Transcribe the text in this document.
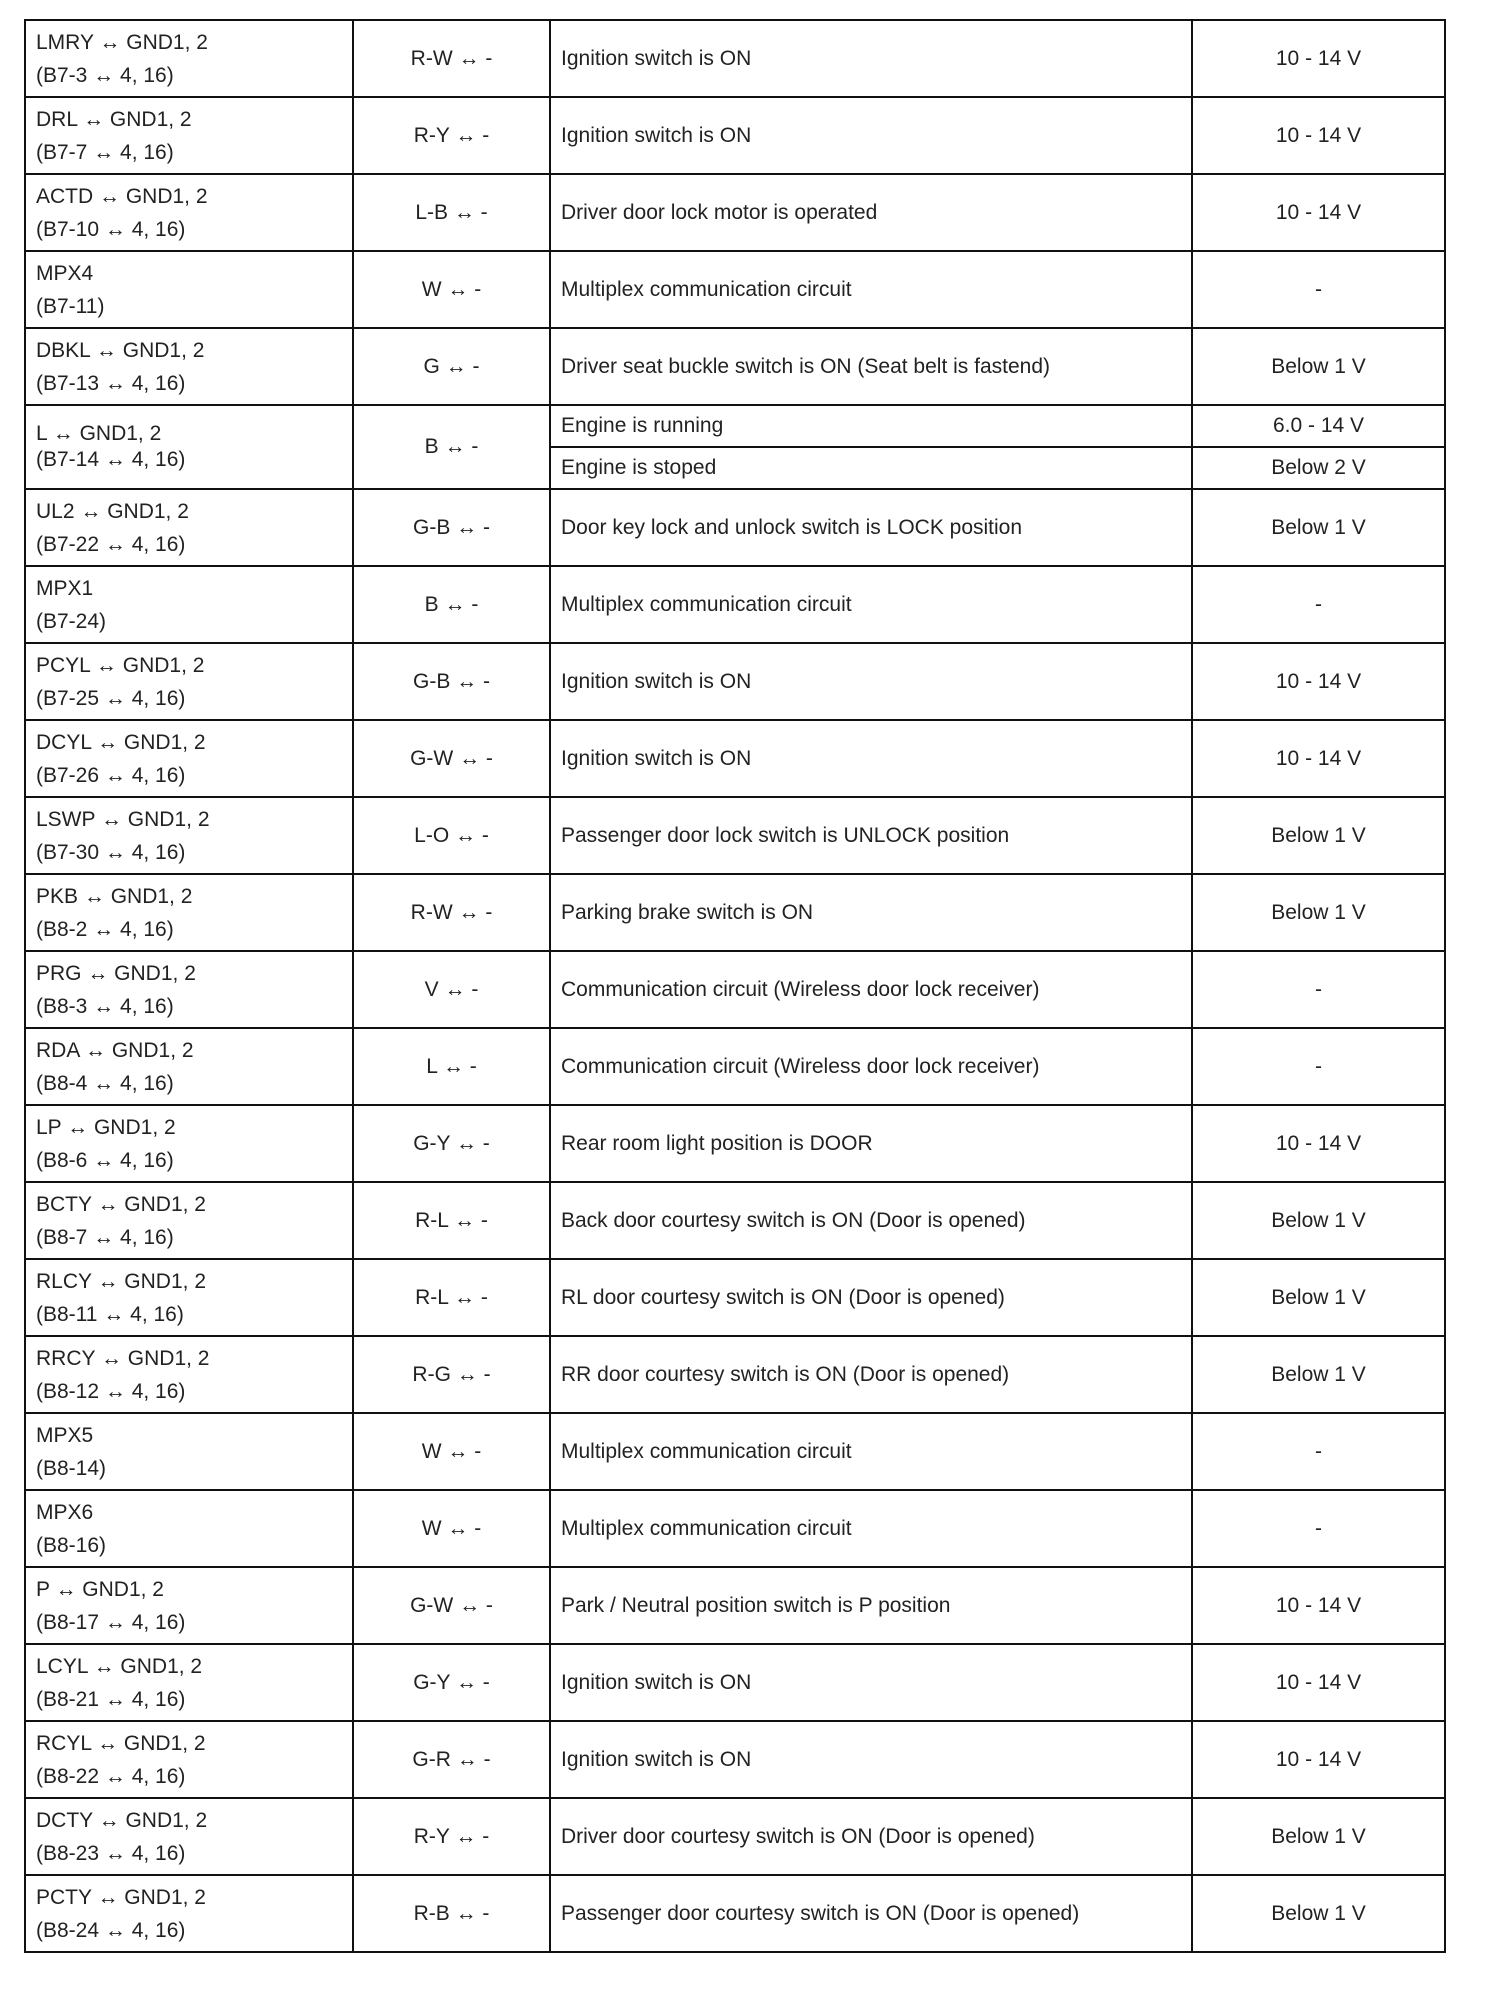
LMRY ↔ GND1, 2
(B7-3 ↔ 4, 16)	R-W ↔ -	Ignition switch is ON	10 - 14 V

DRL ↔ GND1, 2
(B7-7 ↔ 4, 16)	R-Y ↔ -	Ignition switch is ON	10 - 14 V

ACTD ↔ GND1, 2
(B7-10 ↔ 4, 16)	L-B ↔ -	Driver door lock motor is operated	10 - 14 V

MPX4
(B7-11)	W ↔ -	Multiplex communication circuit	-

DBKL ↔ GND1, 2
(B7-13 ↔ 4, 16)	G ↔ -	Driver seat buckle switch is ON (Seat belt is fastend)	Below 1 V

L ↔ GND1, 2
(B7-14 ↔ 4, 16)	B ↔ -	Engine is running	6.0 - 14 V
		Engine is stoped	Below 2 V

UL2 ↔ GND1, 2
(B7-22 ↔ 4, 16)	G-B ↔ -	Door key lock and unlock switch is LOCK position	Below 1 V

MPX1
(B7-24)	B ↔ -	Multiplex communication circuit	-

PCYL ↔ GND1, 2
(B7-25 ↔ 4, 16)	G-B ↔ -	Ignition switch is ON	10 - 14 V

DCYL ↔ GND1, 2
(B7-26 ↔ 4, 16)	G-W ↔ -	Ignition switch is ON	10 - 14 V

LSWP ↔ GND1, 2
(B7-30 ↔ 4, 16)	L-O ↔ -	Passenger door lock switch is UNLOCK position	Below 1 V

PKB ↔ GND1, 2
(B8-2 ↔ 4, 16)	R-W ↔ -	Parking brake switch is ON	Below 1 V

PRG ↔ GND1, 2
(B8-3 ↔ 4, 16)	V ↔ -	Communication circuit (Wireless door lock receiver)	-

RDA ↔ GND1, 2
(B8-4 ↔ 4, 16)	L ↔ -	Communication circuit (Wireless door lock receiver)	-

LP ↔ GND1, 2
(B8-6 ↔ 4, 16)	G-Y ↔ -	Rear room light position is DOOR	10 - 14 V

BCTY ↔ GND1, 2
(B8-7 ↔ 4, 16)	R-L ↔ -	Back door courtesy switch is ON (Door is opened)	Below 1 V

RLCY ↔ GND1, 2
(B8-11 ↔ 4, 16)	R-L ↔ -	RL door courtesy switch is ON (Door is opened)	Below 1 V

RRCY ↔ GND1, 2
(B8-12 ↔ 4, 16)	R-G ↔ -	RR door courtesy switch is ON (Door is opened)	Below 1 V

MPX5
(B8-14)	W ↔ -	Multiplex communication circuit	-

MPX6
(B8-16)	W ↔ -	Multiplex communication circuit	-

P ↔ GND1, 2
(B8-17 ↔ 4, 16)	G-W ↔ -	Park / Neutral position switch is P position	10 - 14 V

LCYL ↔ GND1, 2
(B8-21 ↔ 4, 16)	G-Y ↔ -	Ignition switch is ON	10 - 14 V

RCYL ↔ GND1, 2
(B8-22 ↔ 4, 16)	G-R ↔ -	Ignition switch is ON	10 - 14 V

DCTY ↔ GND1, 2
(B8-23 ↔ 4, 16)	R-Y ↔ -	Driver door courtesy switch is ON (Door is opened)	Below 1 V

PCTY ↔ GND1, 2
(B8-24 ↔ 4, 16)	R-B ↔ -	Passenger door courtesy switch is ON (Door is opened)	Below 1 V
